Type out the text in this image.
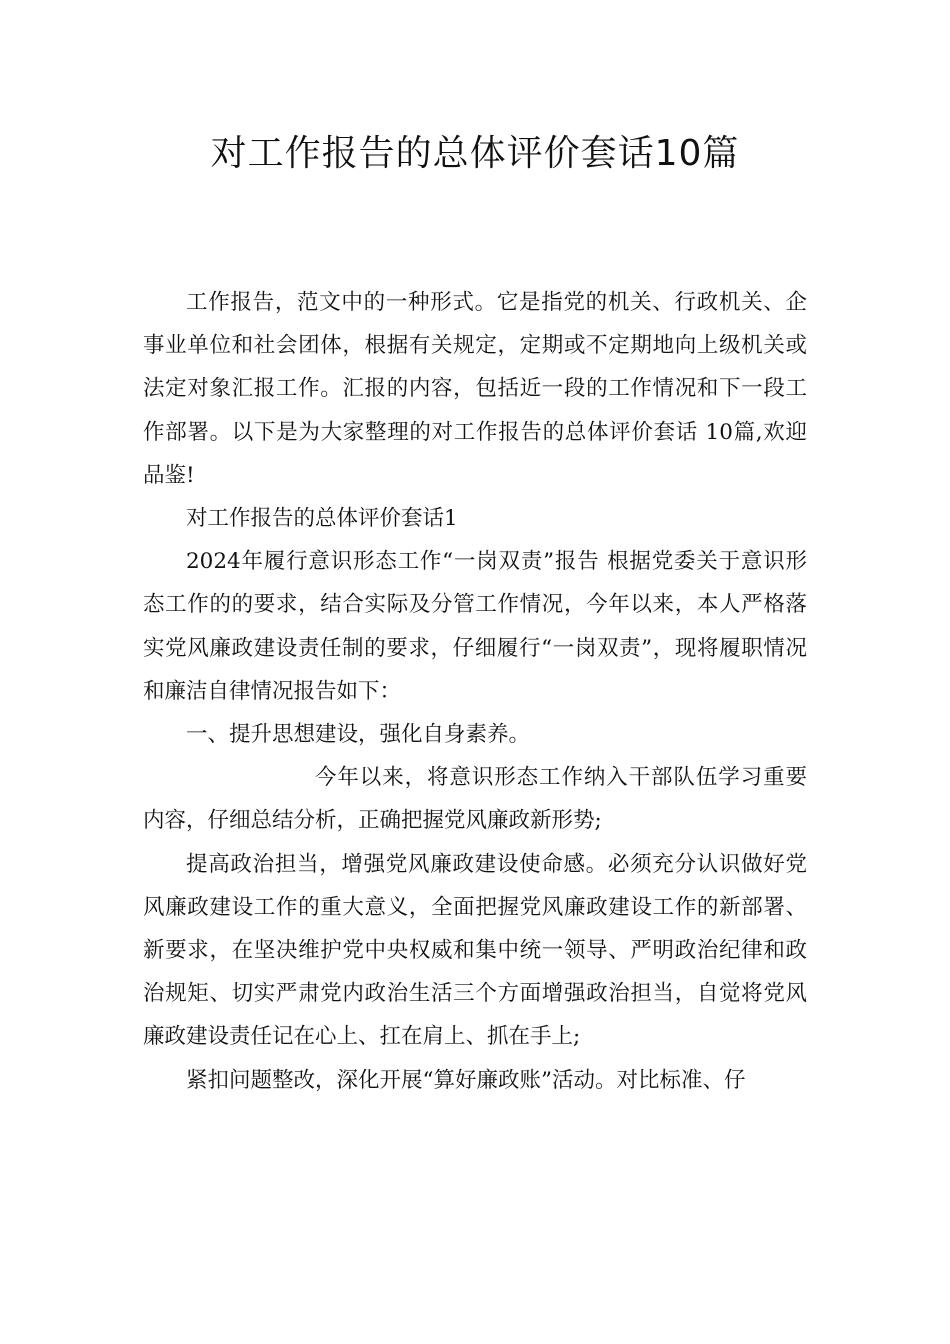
对工作报告的总体评价套话10篇

工作报告，范文中的一种形式。它是指党的机关、行政机关、企事业单位和社会团体，根据有关规定，定期或不定期地向上级机关或法定对象汇报工作。汇报的内容，包括近一段的工作情况和下一段工作部署。以下是为大家整理的对工作报告的总体评价套话 10篇,欢迎品鉴!

对工作报告的总体评价套话1

2024年履行意识形态工作“一岗双责”报告 根据党委关于意识形态工作的的要求，结合实际及分管工作情况，今年以来，本人严格落实党风廉政建设责任制的要求，仔细履行“一岗双责”，现将履职情况和廉洁自律情况报告如下：

一、提升思想建设，强化自身素养。

今年以来，将意识形态工作纳入干部队伍学习重要内容，仔细总结分析，正确把握党风廉政新形势;

提高政治担当，增强党风廉政建设使命感。必须充分认识做好党风廉政建设工作的重大意义，全面把握党风廉政建设工作的新部署、新要求，在坚决维护党中央权威和集中统一领导、严明政治纪律和政治规矩、切实严肃党内政治生活三个方面增强政治担当，自觉将党风廉政建设责任记在心上、扛在肩上、抓在手上;

紧扣问题整改，深化开展“算好廉政账”活动。对比标准、仔
